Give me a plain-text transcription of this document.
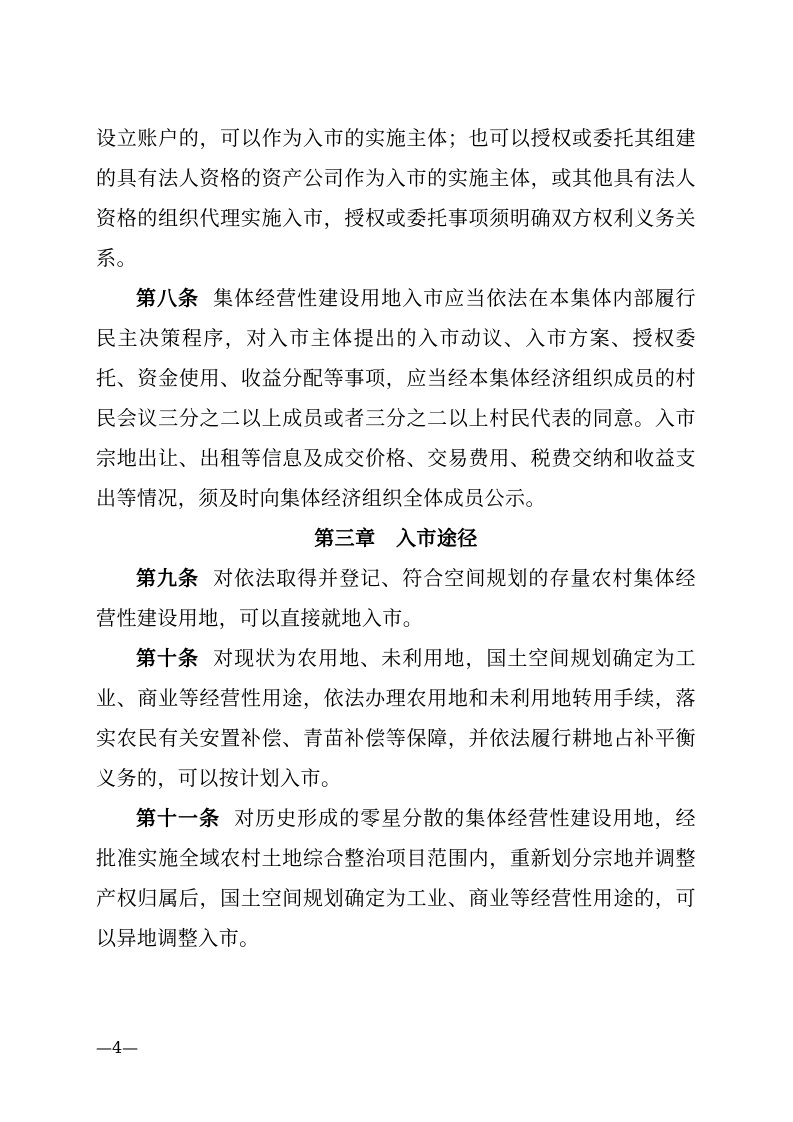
设立账户的，可以作为入市的实施主体；也可以授权或委托其组建的具有法人资格的资产公司作为入市的实施主体，或其他具有法人资格的组织代理实施入市，授权或委托事项须明确双方权利义务关系。

第八条 集体经营性建设用地入市应当依法在本集体内部履行民主决策程序，对入市主体提出的入市动议、入市方案、授权委托、资金使用、收益分配等事项，应当经本集体经济组织成员的村民会议三分之二以上成员或者三分之二以上村民代表的同意。入市宗地出让、出租等信息及成交价格、交易费用、税费交纳和收益支出等情况，须及时向集体经济组织全体成员公示。

第三章　入市途径

第九条 对依法取得并登记、符合空间规划的存量农村集体经营性建设用地，可以直接就地入市。

第十条 对现状为农用地、未利用地，国土空间规划确定为工业、商业等经营性用途，依法办理农用地和未利用地转用手续，落实农民有关安置补偿、青苗补偿等保障，并依法履行耕地占补平衡义务的，可以按计划入市。

第十一条 对历史形成的零星分散的集体经营性建设用地，经批准实施全域农村土地综合整治项目范围内，重新划分宗地并调整产权归属后，国土空间规划确定为工业、商业等经营性用途的，可以异地调整入市。

—4—
